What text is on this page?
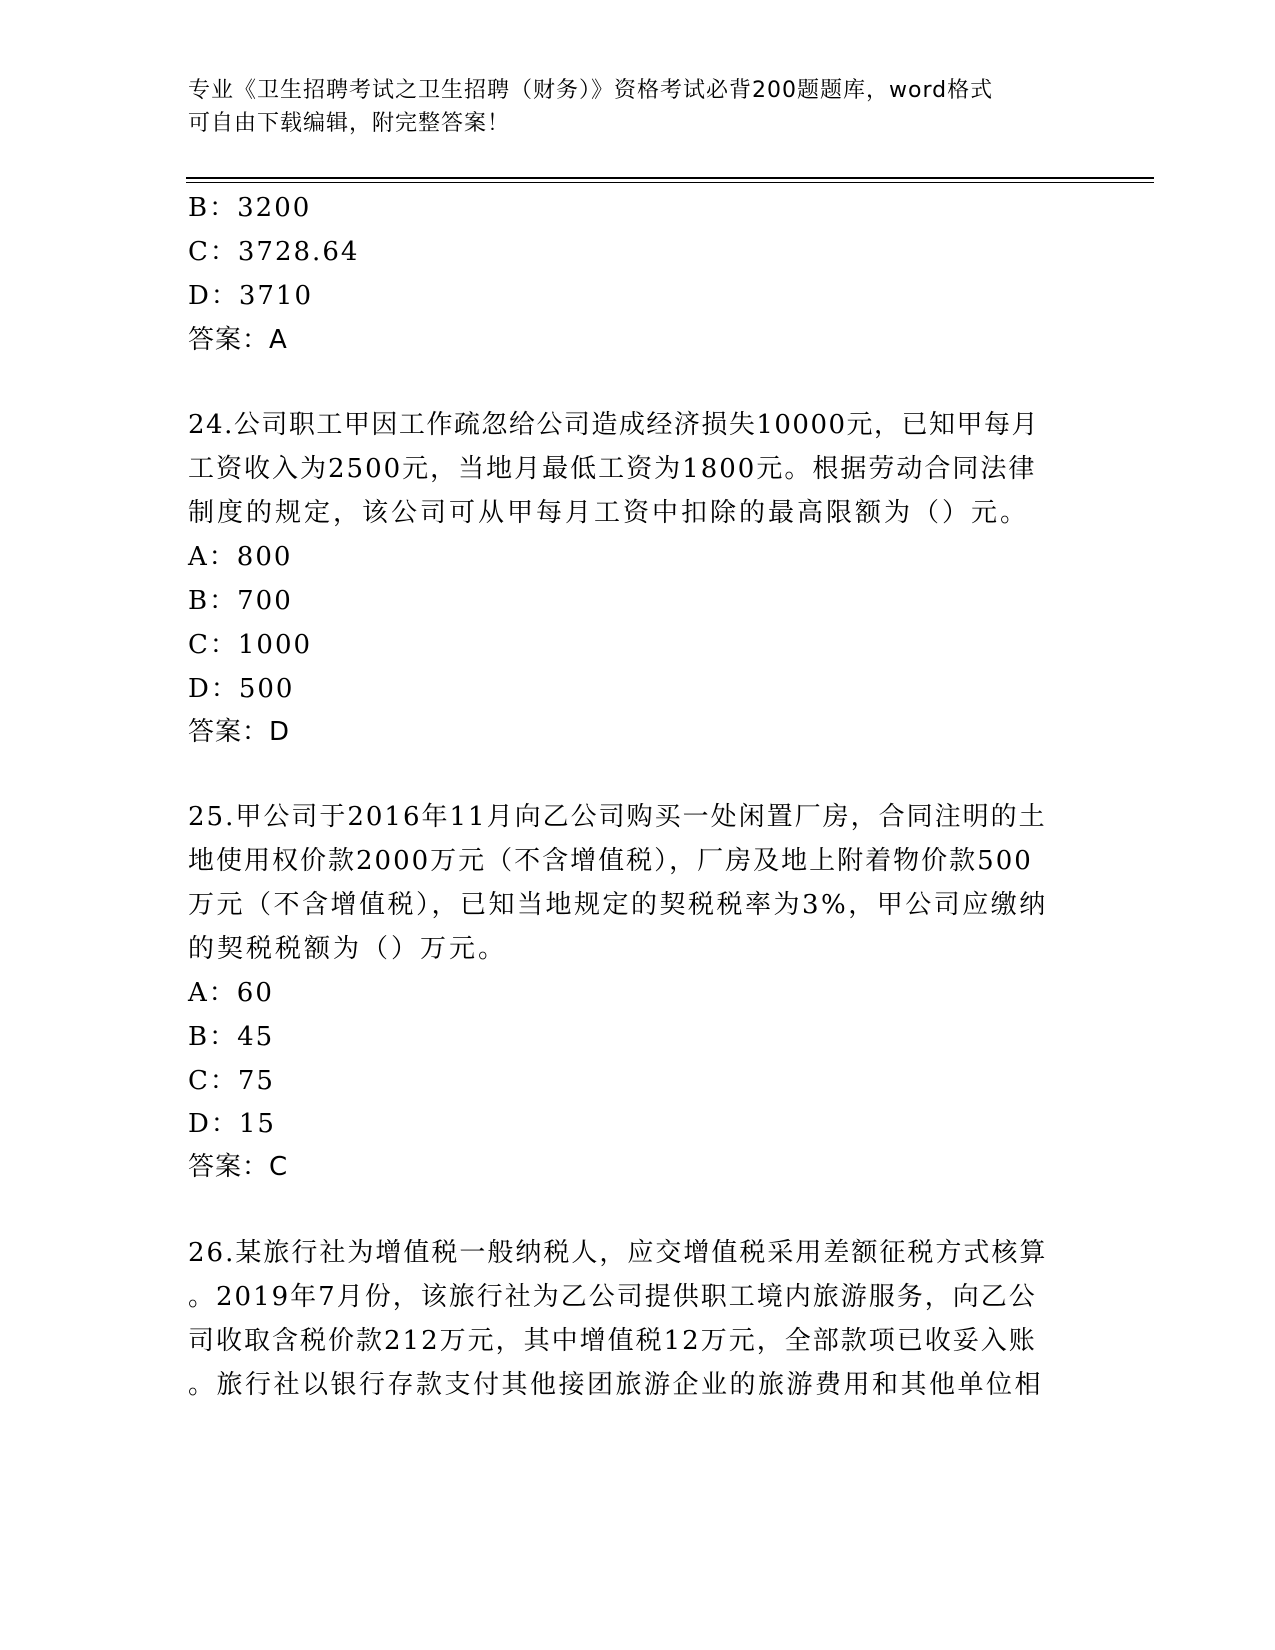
专业《卫生招聘考试之卫生招聘（财务）》资格考试必背200题题库，word格式
可自由下载编辑，附完整答案！
B：3200
C：3728.64
D：3710
答案：A
24.公司职工甲因工作疏忽给公司造成经济损失10000元，已知甲每月
工资收入为2500元，当地月最低工资为1800元。根据劳动合同法律
制度的规定，该公司可从甲每月工资中扣除的最高限额为（）元。
A：800
B：700
C：1000
D：500
答案：D
25.甲公司于2016年11月向乙公司购买一处闲置厂房，合同注明的土
地使用权价款2000万元（不含增值税），厂房及地上附着物价款500
万元（不含增值税），已知当地规定的契税税率为3%，甲公司应缴纳
的契税税额为（）万元。
A：60
B：45
C：75
D：15
答案：C
26.某旅行社为增值税一般纳税人，应交增值税采用差额征税方式核算
。2019年7月份，该旅行社为乙公司提供职工境内旅游服务，向乙公
司收取含税价款212万元，其中增值税12万元，全部款项已收妥入账
。旅行社以银行存款支付其他接团旅游企业的旅游费用和其他单位相
